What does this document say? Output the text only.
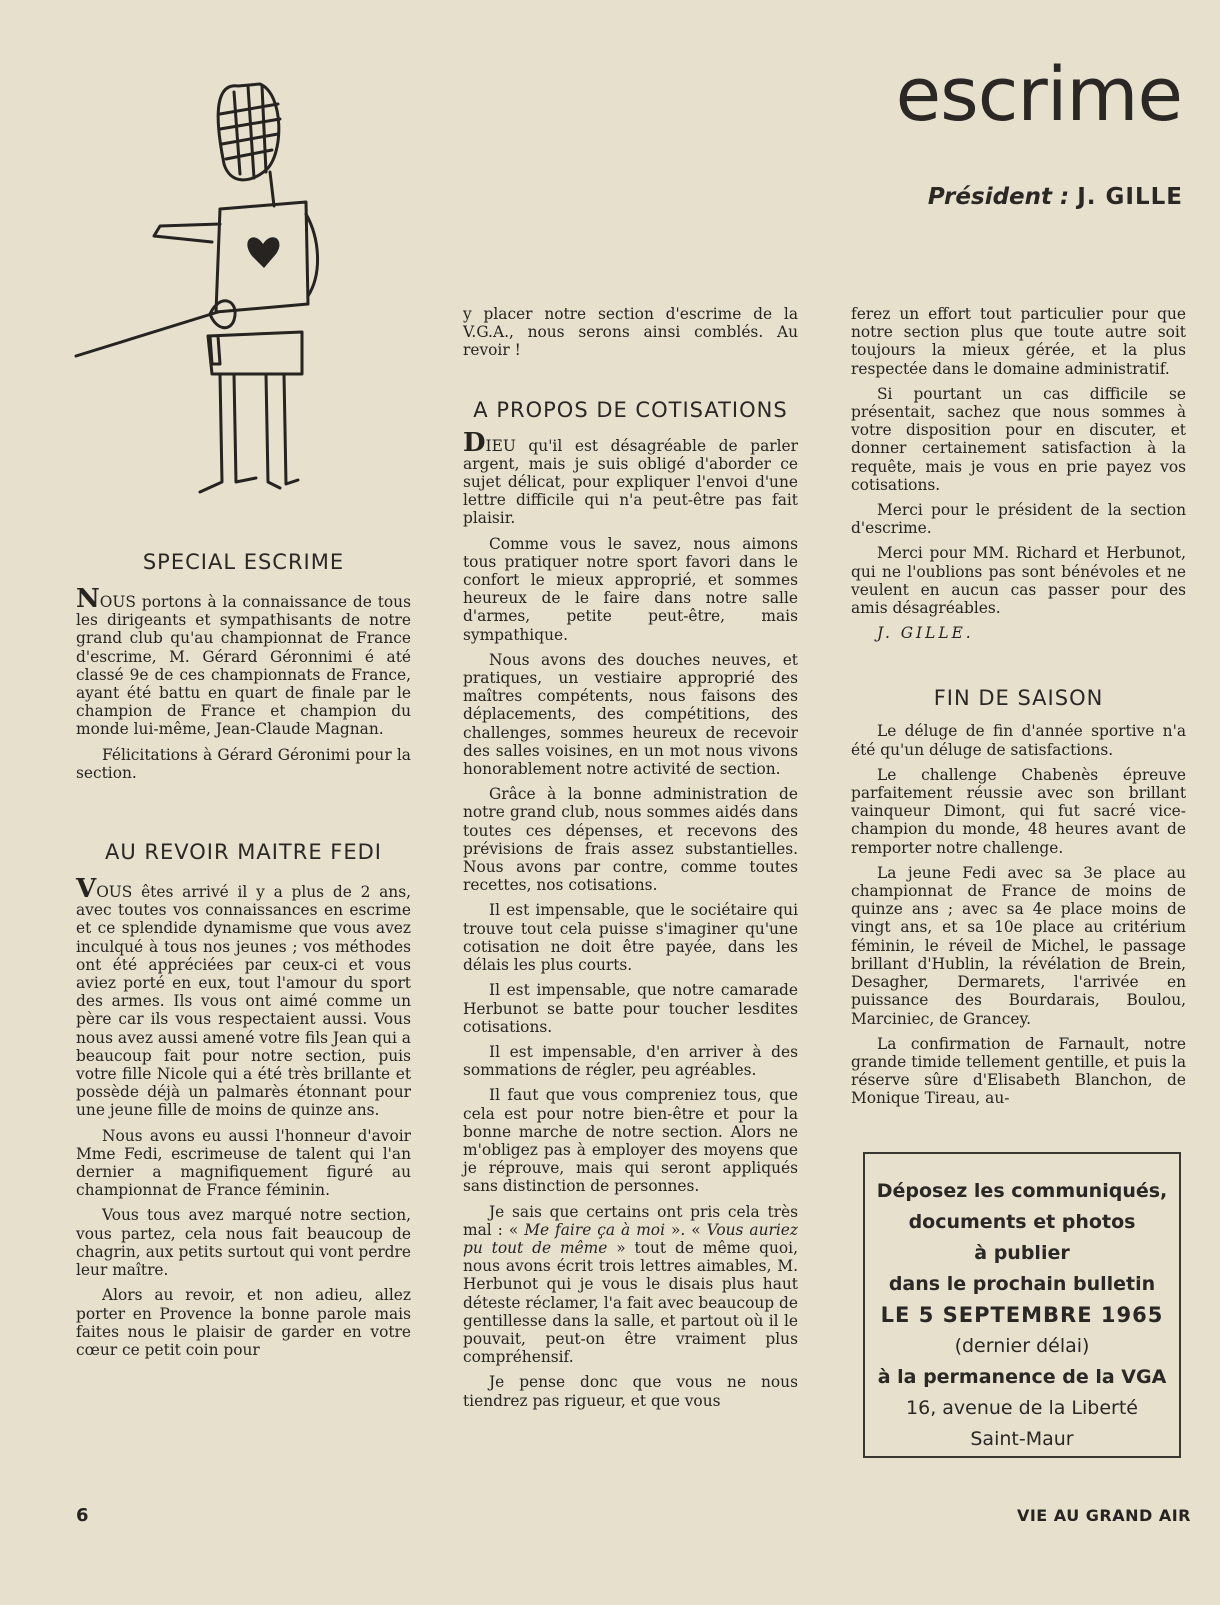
escrime

Président : J. GILLE

SPECIAL ESCRIME

NOUS portons à la connaissance de tous les dirigeants et sympathisants de notre grand club qu'au championnat de France d'escrime, M. Gérard Géronnimi é até classé 9e de ces championnats de France, ayant été battu en quart de finale par le champion de France et champion du monde lui-même, Jean-Claude Magnan.

Félicitations à Gérard Géronimi pour la section.

AU REVOIR MAITRE FEDI

VOUS êtes arrivé il y a plus de 2 ans, avec toutes vos connaissances en escrime et ce splendide dynamisme que vous avez inculqué à tous nos jeunes ; vos méthodes ont été appréciées par ceux-ci et vous aviez porté en eux, tout l'amour du sport des armes. Ils vous ont aimé comme un père car ils vous respectaient aussi. Vous nous avez aussi amené votre fils Jean qui a beaucoup fait pour notre section, puis votre fille Nicole qui a été très brillante et possède déjà un palmarès étonnant pour une jeune fille de moins de quinze ans.

Nous avons eu aussi l'honneur d'avoir Mme Fedi, escrimeuse de talent qui l'an dernier a magnifiquement figuré au championnat de France féminin.

Vous tous avez marqué notre section, vous partez, cela nous fait beaucoup de chagrin, aux petits surtout qui vont perdre leur maître.

Alors au revoir, et non adieu, allez porter en Provence la bonne parole mais faites nous le plaisir de garder en votre cœur ce petit coin pour

y placer notre section d'escrime de la V.G.A., nous serons ainsi comblés. Au revoir !

A PROPOS DE COTISATIONS

DIEU qu'il est désagréable de parler argent, mais je suis obligé d'aborder ce sujet délicat, pour expliquer l'envoi d'une lettre difficile qui n'a peut-être pas fait plaisir.

Comme vous le savez, nous aimons tous pratiquer notre sport favori dans le confort le mieux approprié, et sommes heureux de le faire dans notre salle d'armes, petite peut-être, mais sympathique.

Nous avons des douches neuves, et pratiques, un vestiaire approprié des maîtres compétents, nous faisons des déplacements, des compétitions, des challenges, sommes heureux de recevoir des salles voisines, en un mot nous vivons honorablement notre activité de section.

Grâce à la bonne administration de notre grand club, nous sommes aidés dans toutes ces dépenses, et recevons des prévisions de frais assez substantielles. Nous avons par contre, comme toutes recettes, nos cotisations.

Il est impensable, que le sociétaire qui trouve tout cela puisse s'imaginer qu'une cotisation ne doit être payée, dans les délais les plus courts.

Il est impensable, que notre camarade Herbunot se batte pour toucher lesdites cotisations.

Il est impensable, d'en arriver à des sommations de régler, peu agréables.

Il faut que vous compreniez tous, que cela est pour notre bien-être et pour la bonne marche de notre section. Alors ne m'obligez pas à employer des moyens que je réprouve, mais qui seront appliqués sans distinction de personnes.

Je sais que certains ont pris cela très mal : « Me faire ça à moi ». « Vous auriez pu tout de même » tout de même quoi, nous avons écrit trois lettres aimables, M. Herbunot qui je vous le disais plus haut déteste réclamer, l'a fait avec beaucoup de gentillesse dans la salle, et partout où il le pouvait, peut-on être vraiment plus compréhensif.

Je pense donc que vous ne nous tiendrez pas rigueur, et que vous

ferez un effort tout particulier pour que notre section plus que toute autre soit toujours la mieux gérée, et la plus respectée dans le domaine administratif.

Si pourtant un cas difficile se présentait, sachez que nous sommes à votre disposition pour en discuter, et donner certainement satisfaction à la requête, mais je vous en prie payez vos cotisations.

Merci pour le président de la section d'escrime.

Merci pour MM. Richard et Herbunot, qui ne l'oublions pas sont bénévoles et ne veulent en aucun cas passer pour des amis désagréables.

J. GILLE.

FIN DE SAISON

Le déluge de fin d'année sportive n'a été qu'un déluge de satisfactions.

Le challenge Chabenès épreuve parfaitement réussie avec son brillant vainqueur Dimont, qui fut sacré vice-champion du monde, 48 heures avant de remporter notre challenge.

La jeune Fedi avec sa 3e place au championnat de France de moins de quinze ans ; avec sa 4e place moins de vingt ans, et sa 10e place au critérium féminin, le réveil de Michel, le passage brillant d'Hublin, la révélation de Brein, Desagher, Dermarets, l'arrivée en puissance des Bourdarais, Boulou, Marciniec, de Grancey.

La confirmation de Farnault, notre grande timide tellement gentille, et puis la réserve sûre d'Elisabeth Blanchon, de Monique Tireau, au-

Déposez les communiqués,
documents et photos
à publier
dans le prochain bulletin
LE 5 SEPTEMBRE 1965
(dernier délai)
à la permanence de la VGA
16, avenue de la Liberté
Saint-Maur
6	VIE AU GRAND AIR
